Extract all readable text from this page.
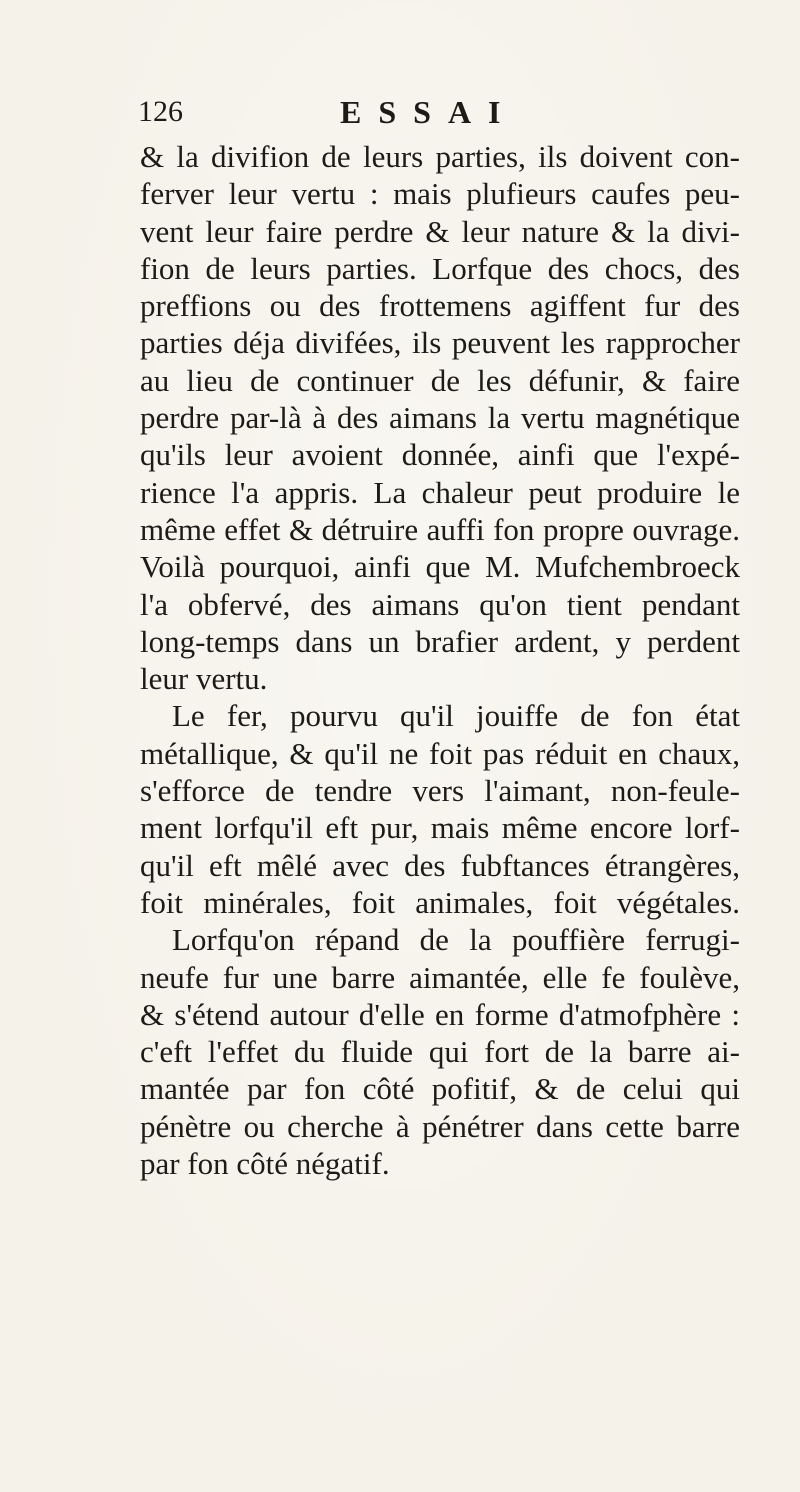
126	ESSAI
& la divifion de leurs parties, ils doivent con-
ferver leur vertu : mais plufieurs caufes peu-
vent leur faire perdre & leur nature & la divi-
fion de leurs parties. Lorfque des chocs, des
preffions ou des frottemens agiffent fur des
parties déja divifées, ils peuvent les rapprocher
au lieu de continuer de les défunir, & faire
perdre par-là à des aimans la vertu magnétique
qu'ils leur avoient donnée, ainfi que l'expé-
rience l'a appris. La chaleur peut produire le
même effet & détruire auffi fon propre ouvrage.
Voilà pourquoi, ainfi que M. Mufchembroeck
l'a obfervé, des aimans qu'on tient pendant
long-temps dans un brafier ardent, y perdent
leur vertu.
Le fer, pourvu qu'il jouiffe de fon état
métallique, & qu'il ne foit pas réduit en chaux,
s'efforce de tendre vers l'aimant, non-feule-
ment lorfqu'il eft pur, mais même encore lorf-
qu'il eft mêlé avec des fubftances étrangères,
foit minérales, foit animales, foit végétales.
Lorfqu'on répand de la pouffière ferrugi-
neufe fur une barre aimantée, elle fe foulève,
& s'étend autour d'elle en forme d'atmofphère :
c'eft l'effet du fluide qui fort de la barre ai-
mantée par fon côté pofitif, & de celui qui
pénètre ou cherche à pénétrer dans cette barre
par fon côté négatif.
